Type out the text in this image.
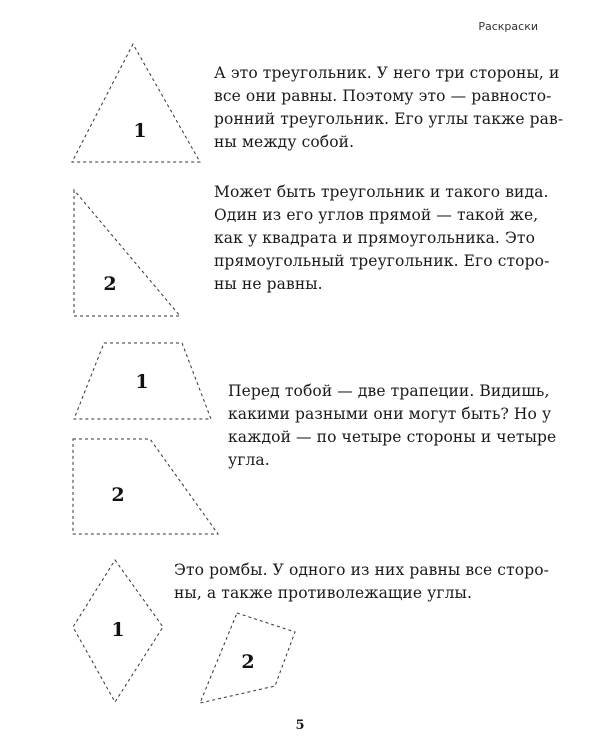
Раскраски
1
2
1
2
1
2

А это треугольник. У него три стороны, и
все они равны. Поэтому это — равносто-
ронний треугольник. Его углы также рав-
ны между собой.

Может быть треугольник и такого вида.
Один из его углов прямой — такой же,
как у квадрата и прямоугольника. Это
прямоугольный треугольник. Его сторо-
ны не равны.

Перед тобой — две трапеции. Видишь,
какими разными они могут быть? Но у
каждой — по четыре стороны и четыре
угла.

Это ромбы. У одного из них равны все сторо-
ны, а также противолежащие углы.

5
